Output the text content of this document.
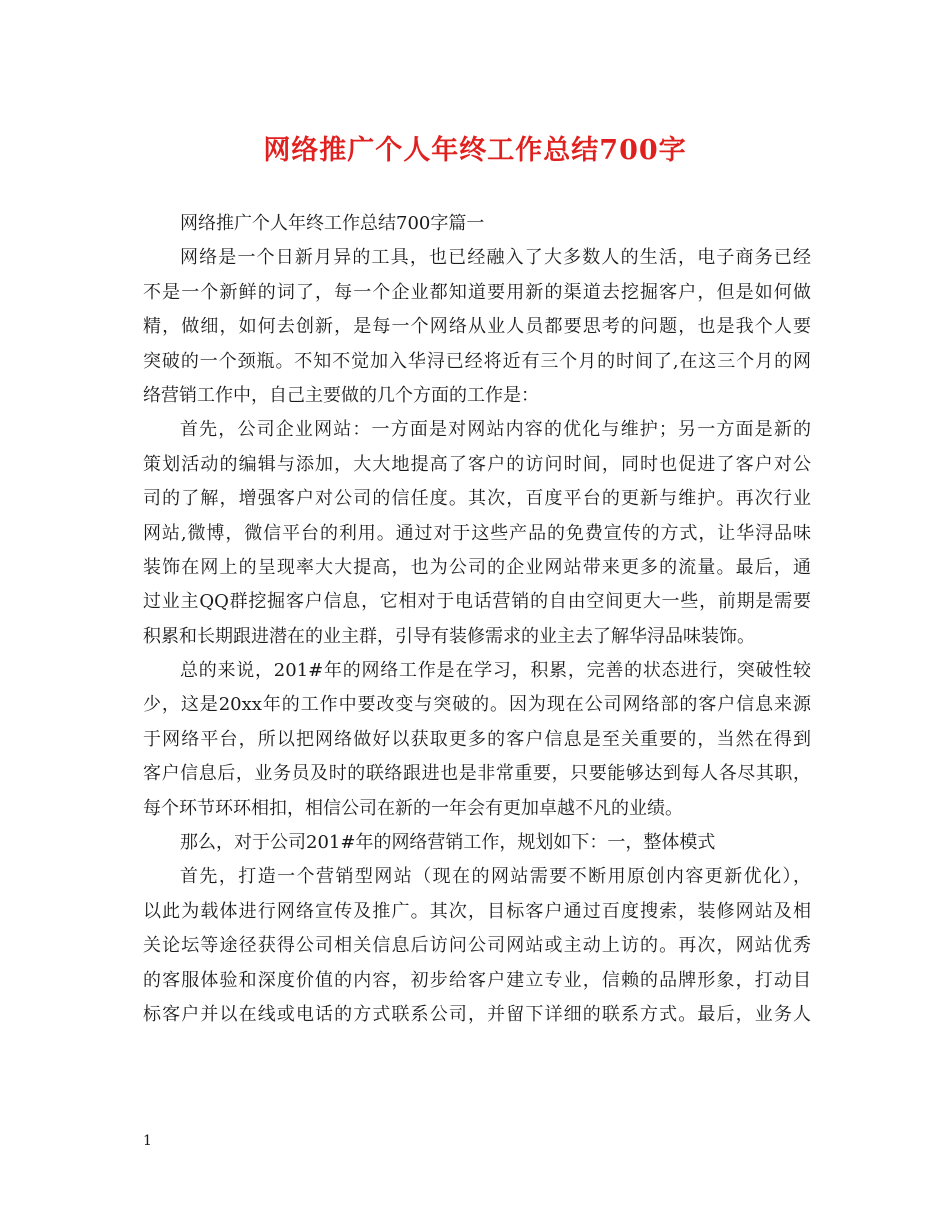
网络推广个人年终工作总结700字
网络推广个人年终工作总结700字篇一
网络是一个日新月异的工具，也已经融入了大多数人的生活，电子商务已经
不是一个新鲜的词了，每一个企业都知道要用新的渠道去挖掘客户，但是如何做
精，做细，如何去创新，是每一个网络从业人员都要思考的问题，也是我个人要
突破的一个颈瓶。不知不觉加入华浔已经将近有三个月的时间了,在这三个月的网
络营销工作中，自己主要做的几个方面的工作是：
首先，公司企业网站：一方面是对网站内容的优化与维护；另一方面是新的
策划活动的编辑与添加，大大地提高了客户的访问时间，同时也促进了客户对公
司的了解，增强客户对公司的信任度。其次，百度平台的更新与维护。再次行业
网站,微博，微信平台的利用。通过对于这些产品的免费宣传的方式，让华浔品味
装饰在网上的呈现率大大提高，也为公司的企业网站带来更多的流量。最后，通
过业主QQ群挖掘客户信息，它相对于电话营销的自由空间更大一些，前期是需要
积累和长期跟进潜在的业主群，引导有装修需求的业主去了解华浔品味装饰。
总的来说，201#年的网络工作是在学习，积累，完善的状态进行，突破性较
少，这是20xx年的工作中要改变与突破的。因为现在公司网络部的客户信息来源
于网络平台，所以把网络做好以获取更多的客户信息是至关重要的，当然在得到
客户信息后，业务员及时的联络跟进也是非常重要，只要能够达到每人各尽其职，
每个环节环环相扣，相信公司在新的一年会有更加卓越不凡的业绩。
那么，对于公司201#年的网络营销工作，规划如下：一，整体模式
首先，打造一个营销型网站（现在的网站需要不断用原创内容更新优化），
以此为载体进行网络宣传及推广。其次，目标客户通过百度搜索，装修网站及相
关论坛等途径获得公司相关信息后访问公司网站或主动上访的。再次，网站优秀
的客服体验和深度价值的内容，初步给客户建立专业，信赖的品牌形象，打动目
标客户并以在线或电话的方式联系公司，并留下详细的联系方式。最后，业务人
1
